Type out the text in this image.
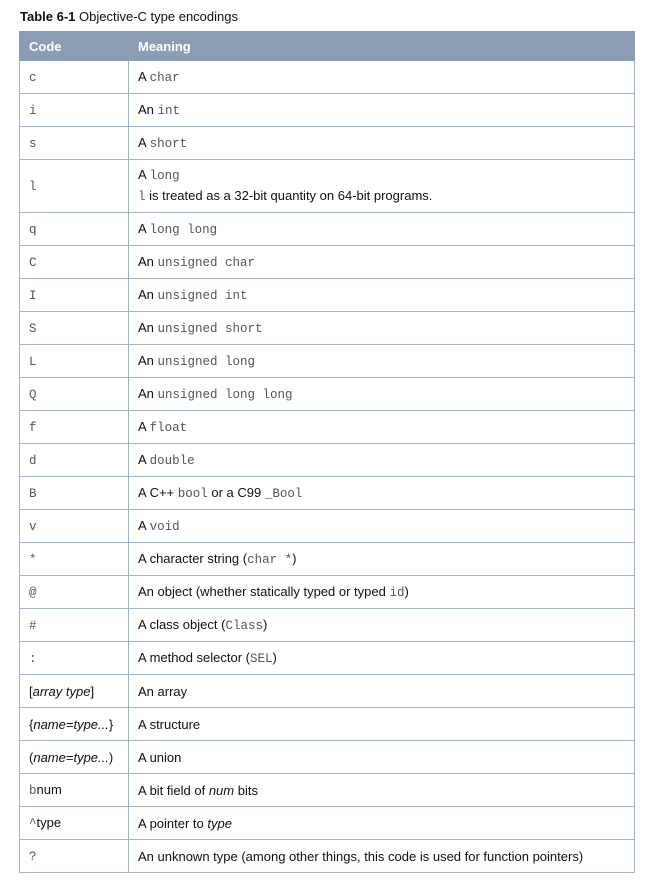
Table 6-1 Objective-C type encodings
Code	Meaning
c	A char

i	An int

s	A short

l	A long
l is treated as a 32-bit quantity on 64-bit programs.

q	A long long

C	An unsigned char

I	An unsigned int

S	An unsigned short

L	An unsigned long

Q	An unsigned long long

f	A float

d	A double

B	A C++ bool or a C99 _Bool

v	A void

*	A character string (char *)

@	An object (whether statically typed or typed id)

#	A class object (Class)

:	A method selector (SEL)

[array type]	An array

{name=type...}	A structure

(name=type...)	A union

bnum	A bit field of num bits

^type	A pointer to type

?	An unknown type (among other things, this code is used for function pointers)
